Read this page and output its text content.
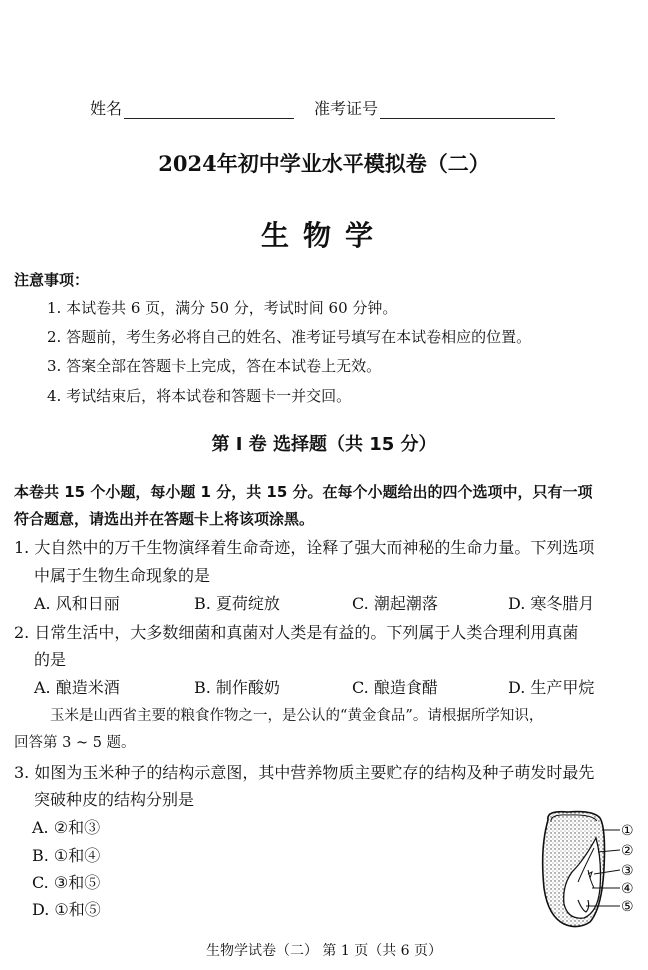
姓名	准考证号
2024年初中学业水平模拟卷（二）
生物学
注意事项：
1. 本试卷共 6 页，满分 50 分，考试时间 60 分钟。
2. 答题前，考生务必将自己的姓名、准考证号填写在本试卷相应的位置。
3. 答案全部在答题卡上完成，答在本试卷上无效。
4. 考试结束后，将本试卷和答题卡一并交回。
第 I 卷 选择题（共 15 分）
本卷共 15 个小题，每小题 1 分，共 15 分。在每个小题给出的四个选项中，只有一项
符合题意，请选出并在答题卡上将该项涂黑。
1. 大自然中的万千生物演绎着生命奇迹，诠释了强大而神秘的生命力量。下列选项
中属于生物生命现象的是
A. 风和日丽	B. 夏荷绽放	C. 潮起潮落	D. 寒冬腊月
2. 日常生活中，大多数细菌和真菌对人类是有益的。下列属于人类合理利用真菌
的是
A. 酿造米酒	B. 制作酸奶	C. 酿造食醋	D. 生产甲烷
玉米是山西省主要的粮食作物之一，是公认的“黄金食品”。请根据所学知识，
回答第 3 ~ 5 题。
3. 如图为玉米种子的结构示意图，其中营养物质主要贮存的结构及种子萌发时最先
突破种皮的结构分别是
A. ②和③
B. ①和④
C. ③和⑤
D. ①和⑤
①
②
③
④
⑤
生物学试卷（二） 第 1 页（共 6 页）
